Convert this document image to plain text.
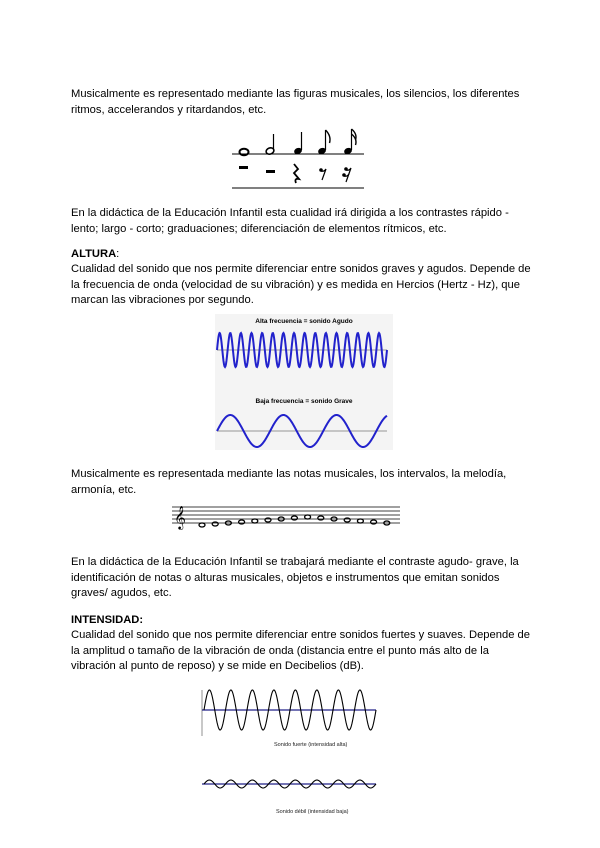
Musicalmente es representado mediante las figuras musicales, los silencios, los diferentes ritmos, accelerandos y ritardandos, etc.

En la didáctica de la Educación Infantil esta cualidad irá dirigida a los contrastes rápido - lento; largo - corto; graduaciones; diferenciación de elementos rítmicos, etc.

ALTURA:

Cualidad del sonido que nos permite diferenciar entre sonidos graves y agudos. Depende de la frecuencia de onda (velocidad de su vibración) y es medida en Hercios (Hertz - Hz), que marcan las vibraciones por segundo.

Alta frecuencia = sonido Agudo
Baja frecuencia = sonido Grave

Musicalmente es representada mediante las notas musicales, los intervalos, la melodía, armonía, etc.

𝄞

En la didáctica de la Educación Infantil se trabajará mediante el contraste agudo- grave, la identificación de notas o alturas musicales, objetos e instrumentos que emitan sonidos graves/ agudos, etc.

INTENSIDAD:

Cualidad del sonido que nos permite diferenciar entre sonidos fuertes y suaves. Depende de la amplitud o tamaño de la vibración de onda (distancia entre el punto más alto de la vibración al punto de reposo) y se mide en Decibelios (dB).

Sonido fuerte (intensidad alta)
Sonido débil (intensidad baja)
